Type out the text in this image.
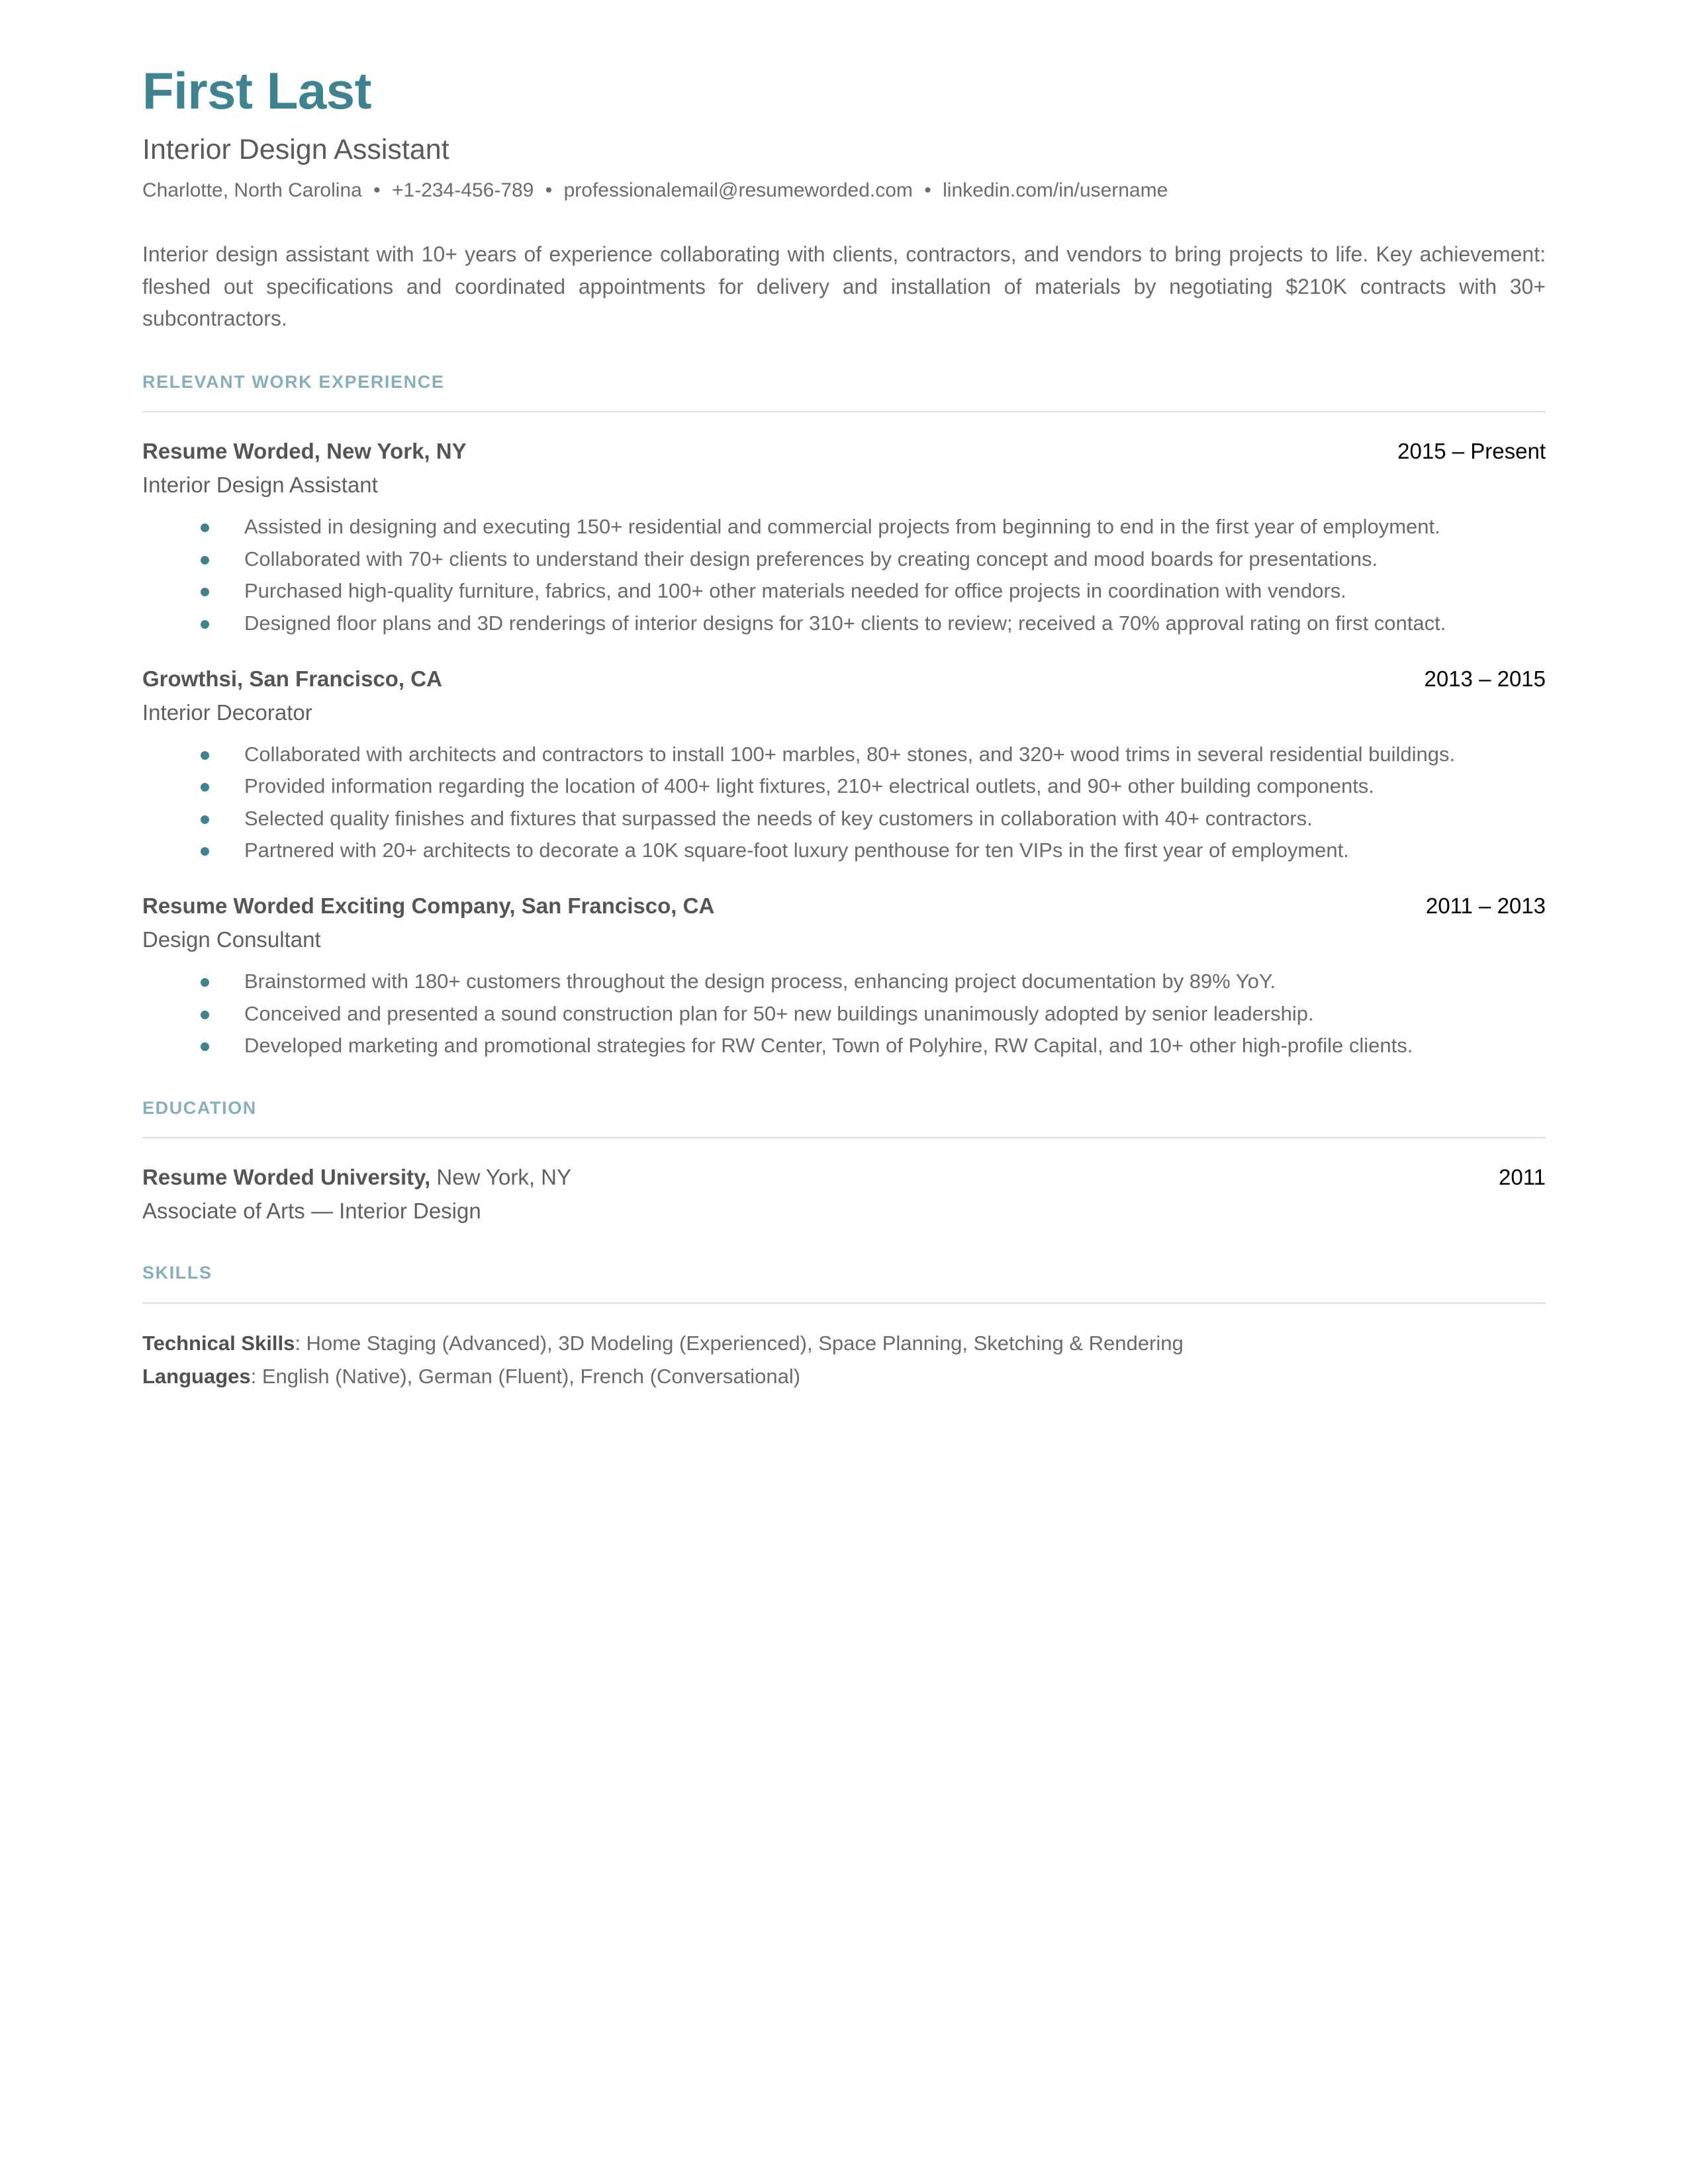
First Last
Interior Design Assistant
Charlotte, North Carolina • +1-234-456-789 • professionalemail@resumeworded.com • linkedin.com/in/username

Interior design assistant with 10+ years of experience collaborating with clients, contractors, and vendors to bring projects to life. Key achievement: fleshed out specifications and coordinated appointments for delivery and installation of materials by negotiating $210K contracts with 30+ subcontractors.

RELEVANT WORK EXPERIENCE
Resume Worded, New York, NY	2015 – Present
Interior Design Assistant
Assisted in designing and executing 150+ residential and commercial projects from beginning to end in the first year of employment.
Collaborated with 70+ clients to understand their design preferences by creating concept and mood boards for presentations.
Purchased high-quality furniture, fabrics, and 100+ other materials needed for office projects in coordination with vendors.
Designed floor plans and 3D renderings of interior designs for 310+ clients to review; received a 70% approval rating on first contact.
Growthsi, San Francisco, CA	2013 – 2015
Interior Decorator
Collaborated with architects and contractors to install 100+ marbles, 80+ stones, and 320+ wood trims in several residential buildings.
Provided information regarding the location of 400+ light fixtures, 210+ electrical outlets, and 90+ other building components.
Selected quality finishes and fixtures that surpassed the needs of key customers in collaboration with 40+ contractors.
Partnered with 20+ architects to decorate a 10K square-foot luxury penthouse for ten VIPs in the first year of employment.
Resume Worded Exciting Company, San Francisco, CA	2011 – 2013
Design Consultant
Brainstormed with 180+ customers throughout the design process, enhancing project documentation by 89% YoY.
Conceived and presented a sound construction plan for 50+ new buildings unanimously adopted by senior leadership.
Developed marketing and promotional strategies for RW Center, Town of Polyhire, RW Capital, and 10+ other high-profile clients.
EDUCATION
Resume Worded University, New York, NY	2011
Associate of Arts — Interior Design
SKILLS
Technical Skills: Home Staging (Advanced), 3D Modeling (Experienced), Space Planning, Sketching & Rendering
Languages: English (Native), German (Fluent), French (Conversational)
